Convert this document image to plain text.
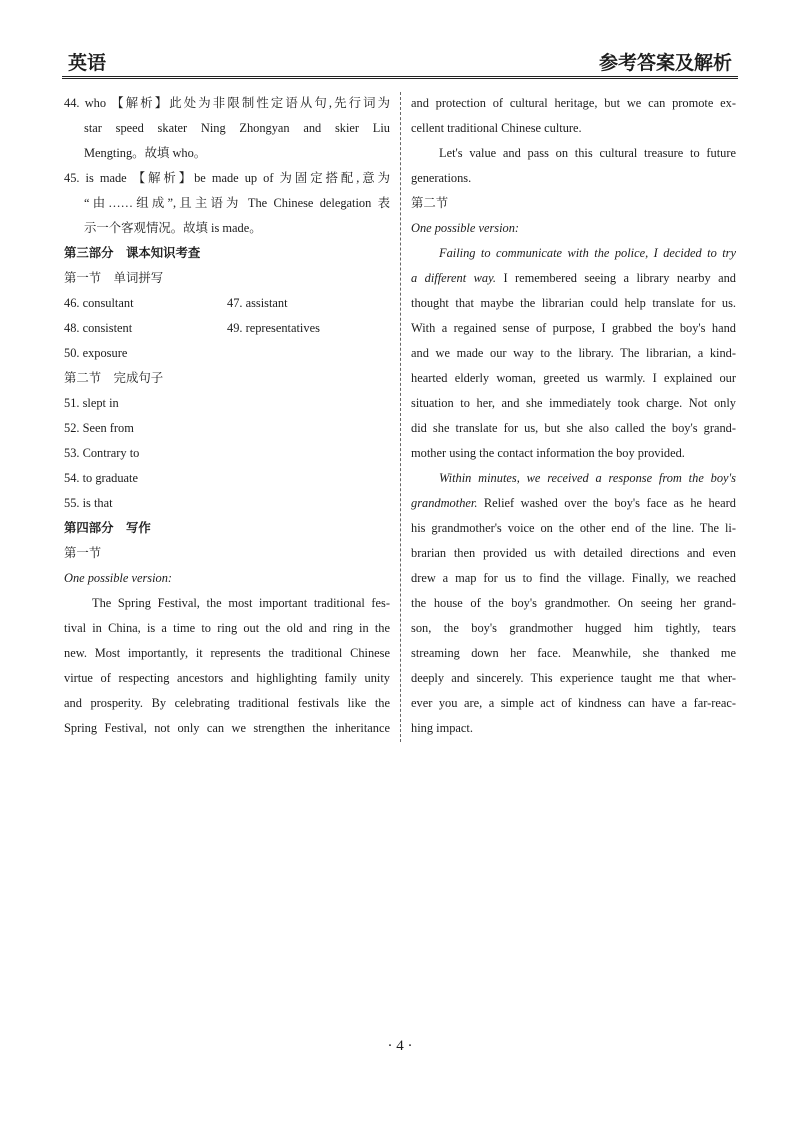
英语	参考答案及解析
44. who 【解析】此处为非限制性定语从句,先行词为
star speed skater Ning Zhongyan and skier Liu
Mengting。故填 who。
45. is made 【解析】be made up of 为固定搭配,意为
“由……组成”,且主语为 The Chinese delegation 表
示一个客观情况。故填 is made。
第三部分　课本知识考查
第一节　单词拼写
46. consultant	47. assistant
48. consistent	49. representatives
50. exposure
第二节　完成句子
51. slept in
52. Seen from
53. Contrary to
54. to graduate
55. is that
第四部分　写作
第一节
One possible version:
The Spring Festival, the most important traditional fes-
tival in China, is a time to ring out the old and ring in the
new. Most importantly, it represents the traditional Chinese
virtue of respecting ancestors and highlighting family unity
and prosperity. By celebrating traditional festivals like the
Spring Festival, not only can we strengthen the inheritance
and protection of cultural heritage, but we can promote ex-
cellent traditional Chinese culture.
Let's value and pass on this cultural treasure to future
generations.
第二节
One possible version:
Failing to communicate with the police, I decided to try
a different way. I remembered seeing a library nearby and
thought that maybe the librarian could help translate for us.
With a regained sense of purpose, I grabbed the boy's hand
and we made our way to the library. The librarian, a kind-
hearted elderly woman, greeted us warmly. I explained our
situation to her, and she immediately took charge. Not only
did she translate for us, but she also called the boy's grand-
mother using the contact information the boy provided.
Within minutes, we received a response from the boy's
grandmother. Relief washed over the boy's face as he heard
his grandmother's voice on the other end of the line. The li-
brarian then provided us with detailed directions and even
drew a map for us to find the village. Finally, we reached
the house of the boy's grandmother. On seeing her grand-
son, the boy's grandmother hugged him tightly, tears
streaming down her face. Meanwhile, she thanked me
deeply and sincerely. This experience taught me that wher-
ever you are, a simple act of kindness can have a far-reac-
hing impact.
· 4 ·
